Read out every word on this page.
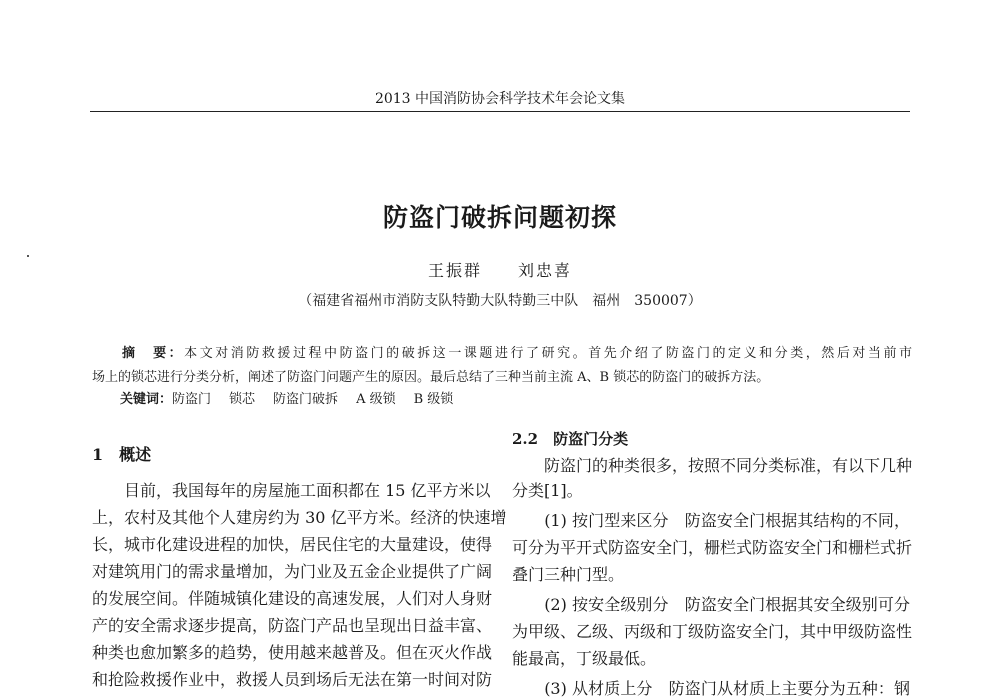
2013 中国消防协会科学技术年会论文集
防盗门破拆问题初探
王振群　　 刘忠喜
（福建省福州市消防支队特勤大队特勤三中队　福州　350007）
摘　要：本文对消防救援过程中防盗门的破拆这一课题进行了研究。首先介绍了防盗门的定义和分类，然后对当前市
场上的锁芯进行分类分析，阐述了防盗门问题产生的原因。最后总结了三种当前主流 A、B 锁芯的防盗门的破拆方法。
关键词：防盗门 锁芯 防盗门破拆 A 级锁 B 级锁
1　概述
　　目前，我国每年的房屋施工面积都在 15 亿平方米以
上，农村及其他个人建房约为 30 亿平方米。经济的快速增
长，城市化建设进程的加快，居民住宅的大量建设，使得
对建筑用门的需求量增加，为门业及五金企业提供了广阔
的发展空间。伴随城镇化建设的高速发展，人们对人身财
产的安全需求逐步提高，防盗门产品也呈现出日益丰富、
种类也愈加繁多的趋势，使用越来越普及。但在灭火作战
和抢险救援作业中，救援人员到场后无法在第一时间对防
2.2　防盗门分类
　　防盗门的种类很多，按照不同分类标准，有以下几种
分类[1]。
　　(1) 按门型来区分　防盗安全门根据其结构的不同，
可分为平开式防盗安全门，栅栏式防盗安全门和栅栏式折
叠门三种门型。
　　(2) 按安全级别分　防盗安全门根据其安全级别可分
为甲级、乙级、丙级和丁级防盗安全门，其中甲级防盗性
能最高，丁级最低。
　　(3) 从材质上分　防盗门从材质上主要分为五种：钢
